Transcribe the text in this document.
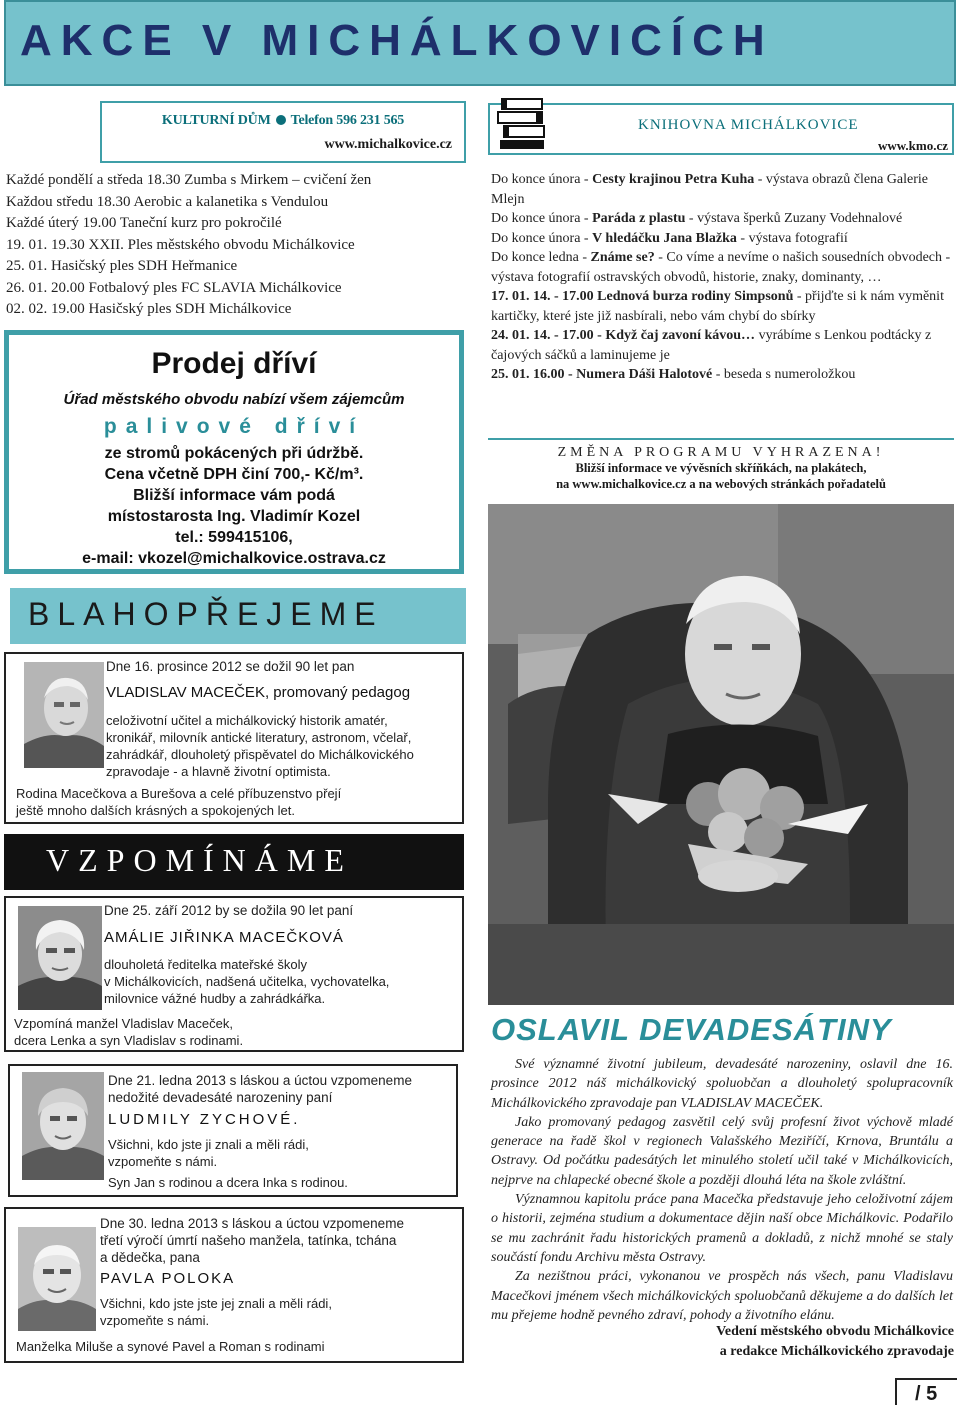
AKCE V MICHÁLKOVICÍCH
KULTURNÍ DŮM Telefon 596 231 565
www.michalkovice.cz
Každé pondělí a středa 18.30 Zumba s Mirkem – cvičení žen
Každou středu 18.30 Aerobic a kalanetika s Vendulou
Každé úterý 19.00 Taneční kurz pro pokročilé
19. 01. 19.30 XXII. Ples městského obvodu Michálkovice
25. 01. Hasičský ples SDH Heřmanice
26. 01. 20.00 Fotbalový ples FC SLAVIA Michálkovice
02. 02. 19.00 Hasičský ples SDH Michálkovice
Prodej dříví
Úřad městského obvodu nabízí všem zájemcům
palivové dříví
ze stromů pokácených při údržbě.
Cena včetně DPH činí 700,- Kč/m³.
Bližší informace vám podá
místostarosta Ing. Vladimír Kozel
tel.: 599415106,
e-mail: vkozel@michalkovice.ostrava.cz
BLAHOPŘEJEME
Dne 16. prosince 2012 se dožil 90 let pan
VLADISLAV MACEČEK, promovaný pedagog
celoživotní učitel a michálkovický historik amatér,
kronikář, milovník antické literatury, astronom, včelař,
zahrádkář, dlouholetý přispěvatel do Michálkovického
zpravodaje - a hlavně životní optimista.
Rodina Macečkova a Burešova a celé příbuzenstvo přejí
ještě mnoho dalších krásných a spokojených let.
VZPOMÍNÁME
Dne 25. září 2012 by se dožila 90 let paní
AMÁLIE JIŘINKA MACEČKOVÁ
dlouholetá ředitelka mateřské školy
v Michálkovicích, nadšená učitelka, vychovatelka,
milovnice vážné hudby a zahrádkářka.
Vzpomíná manžel Vladislav Maceček,
dcera Lenka a syn Vladislav s rodinami.
Dne 21. ledna 2013 s láskou a úctou vzpomeneme
nedožité devadesáté narozeniny paní
LUDMILY ZYCHOVÉ.
Všichni, kdo jste ji znali a měli rádi,
vzpomeňte s námi.
Syn Jan s rodinou a dcera Inka s rodinou.
Dne 30. ledna 2013 s láskou a úctou vzpomeneme
třetí výročí úmrtí našeho manžela, tatínka, tchána
a dědečka, pana
PAVLA POLOKA
Všichni, kdo jste jste jej znali a měli rádi,
vzpomeňte s námi.
Manželka Miluše a synové Pavel a Roman s rodinami
KNIHOVNA MICHÁLKOVICE
www.kmo.cz

Do konce února - Cesty krajinou Petra Kuha - výstava obrazů člena Galerie Mlejn

Do konce února - Paráda z plastu - výstava šperků Zuzany Vodehnalové

Do konce února - V hledáčku Jana Blažka - výstava fotografií

Do konce ledna - Známe se? - Co víme a nevíme o našich sousedních obvodech - výstava fotografií ostravských obvodů, historie, znaky, dominanty, …

17. 01. 14. - 17.00 Lednová burza rodiny Simpsonů - přijďte si k nám vyměnit kartičky, které jste již nasbírali, nebo vám chybí do sbírky

24. 01. 14. - 17.00 - Když čaj zavoní kávou… vyrábíme s Lenkou podtácky z čajových sáčků a laminujeme je

25. 01. 16.00 - Numera Dáši Halotové - beseda s numeroložkou

ZMĚNA PROGRAMU VYHRAZENA!
Bližší informace ve vývěsních skříňkách, na plakátech,
na www.michalkovice.cz a na webových stránkách pořadatelů
OSLAVIL DEVADESÁTINY

Své významné životní jubileum, devadesáté narozeniny, oslavil dne 16. prosince 2012 náš michálkovický spoluobčan a dlouholetý spolupracovník Michálkovického zpravodaje pan VLADISLAV MACEČEK.

Jako promovaný pedagog zasvětil celý svůj profesní život výchově mladé generace na řadě škol v regionech Valašského Meziříčí, Krnova, Bruntálu a Ostravy. Od počátku padesátých let minulého století učil také v Michálkovicích, nejprve na chlapecké obecné škole a později dlouhá léta na škole zvláštní.

Významnou kapitolu práce pana Macečka představuje jeho celoživotní zájem o historii, zejména studium a dokumentace dějin naší obce Michálkovic. Podařilo se mu zachránit řadu historických pramenů a dokladů, z nichž mnohé se staly součástí fondu Archivu města Ostravy.

Za nezištnou práci, vykonanou ve prospěch nás všech, panu Vladislavu Macečkovi jménem všech michálkovických spoluobčanů děkujeme a do dalších let mu přejeme hodně pevného zdraví, pohody a životního elánu.

Vedení městského obvodu Michálkovice
a redakce Michálkovického zpravodaje
/ 5
